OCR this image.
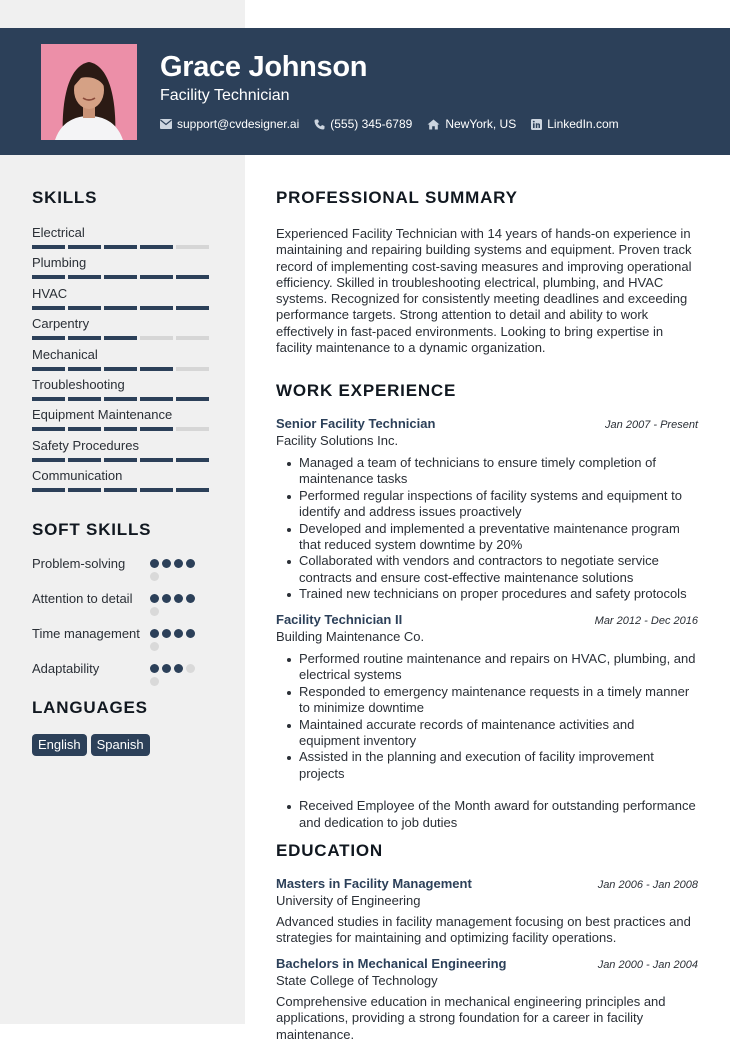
Grace Johnson
Facility Technician
support@cvdesigner.ai	(555) 345-6789	NewYork, US	LinkedIn.com
SKILLS
Electrical
Plumbing
HVAC
Carpentry
Mechanical
Troubleshooting
Equipment Maintenance
Safety Procedures
Communication
SOFT SKILLS
Problem-solving
Attention to detail
Time management
Adaptability
LANGUAGES
English	Spanish
PROFESSIONAL SUMMARY
Experienced Facility Technician with 14 years of hands-on experience in maintaining and repairing building systems and equipment. Proven track record of implementing cost-saving measures and improving operational efficiency. Skilled in troubleshooting electrical, plumbing, and HVAC systems. Recognized for consistently meeting deadlines and exceeding performance targets. Strong attention to detail and ability to work effectively in fast-paced environments. Looking to bring expertise in facility maintenance to a dynamic organization.
WORK EXPERIENCE
Senior Facility Technician	Jan 2007 - Present
Facility Solutions Inc.
Managed a team of technicians to ensure timely completion of maintenance tasks
Performed regular inspections of facility systems and equipment to identify and address issues proactively
Developed and implemented a preventative maintenance program that reduced system downtime by 20%
Collaborated with vendors and contractors to negotiate service contracts and ensure cost-effective maintenance solutions
Trained new technicians on proper procedures and safety protocols
Facility Technician II	Mar 2012 - Dec 2016
Building Maintenance Co.
Performed routine maintenance and repairs on HVAC, plumbing, and electrical systems
Responded to emergency maintenance requests in a timely manner to minimize downtime
Maintained accurate records of maintenance activities and equipment inventory
Assisted in the planning and execution of facility improvement projects
Received Employee of the Month award for outstanding performance and dedication to job duties
EDUCATION
Masters in Facility Management	Jan 2006 - Jan 2008
University of Engineering
Advanced studies in facility management focusing on best practices and strategies for maintaining and optimizing facility operations.
Bachelors in Mechanical Engineering	Jan 2000 - Jan 2004
State College of Technology
Comprehensive education in mechanical engineering principles and applications, providing a strong foundation for a career in facility maintenance.
